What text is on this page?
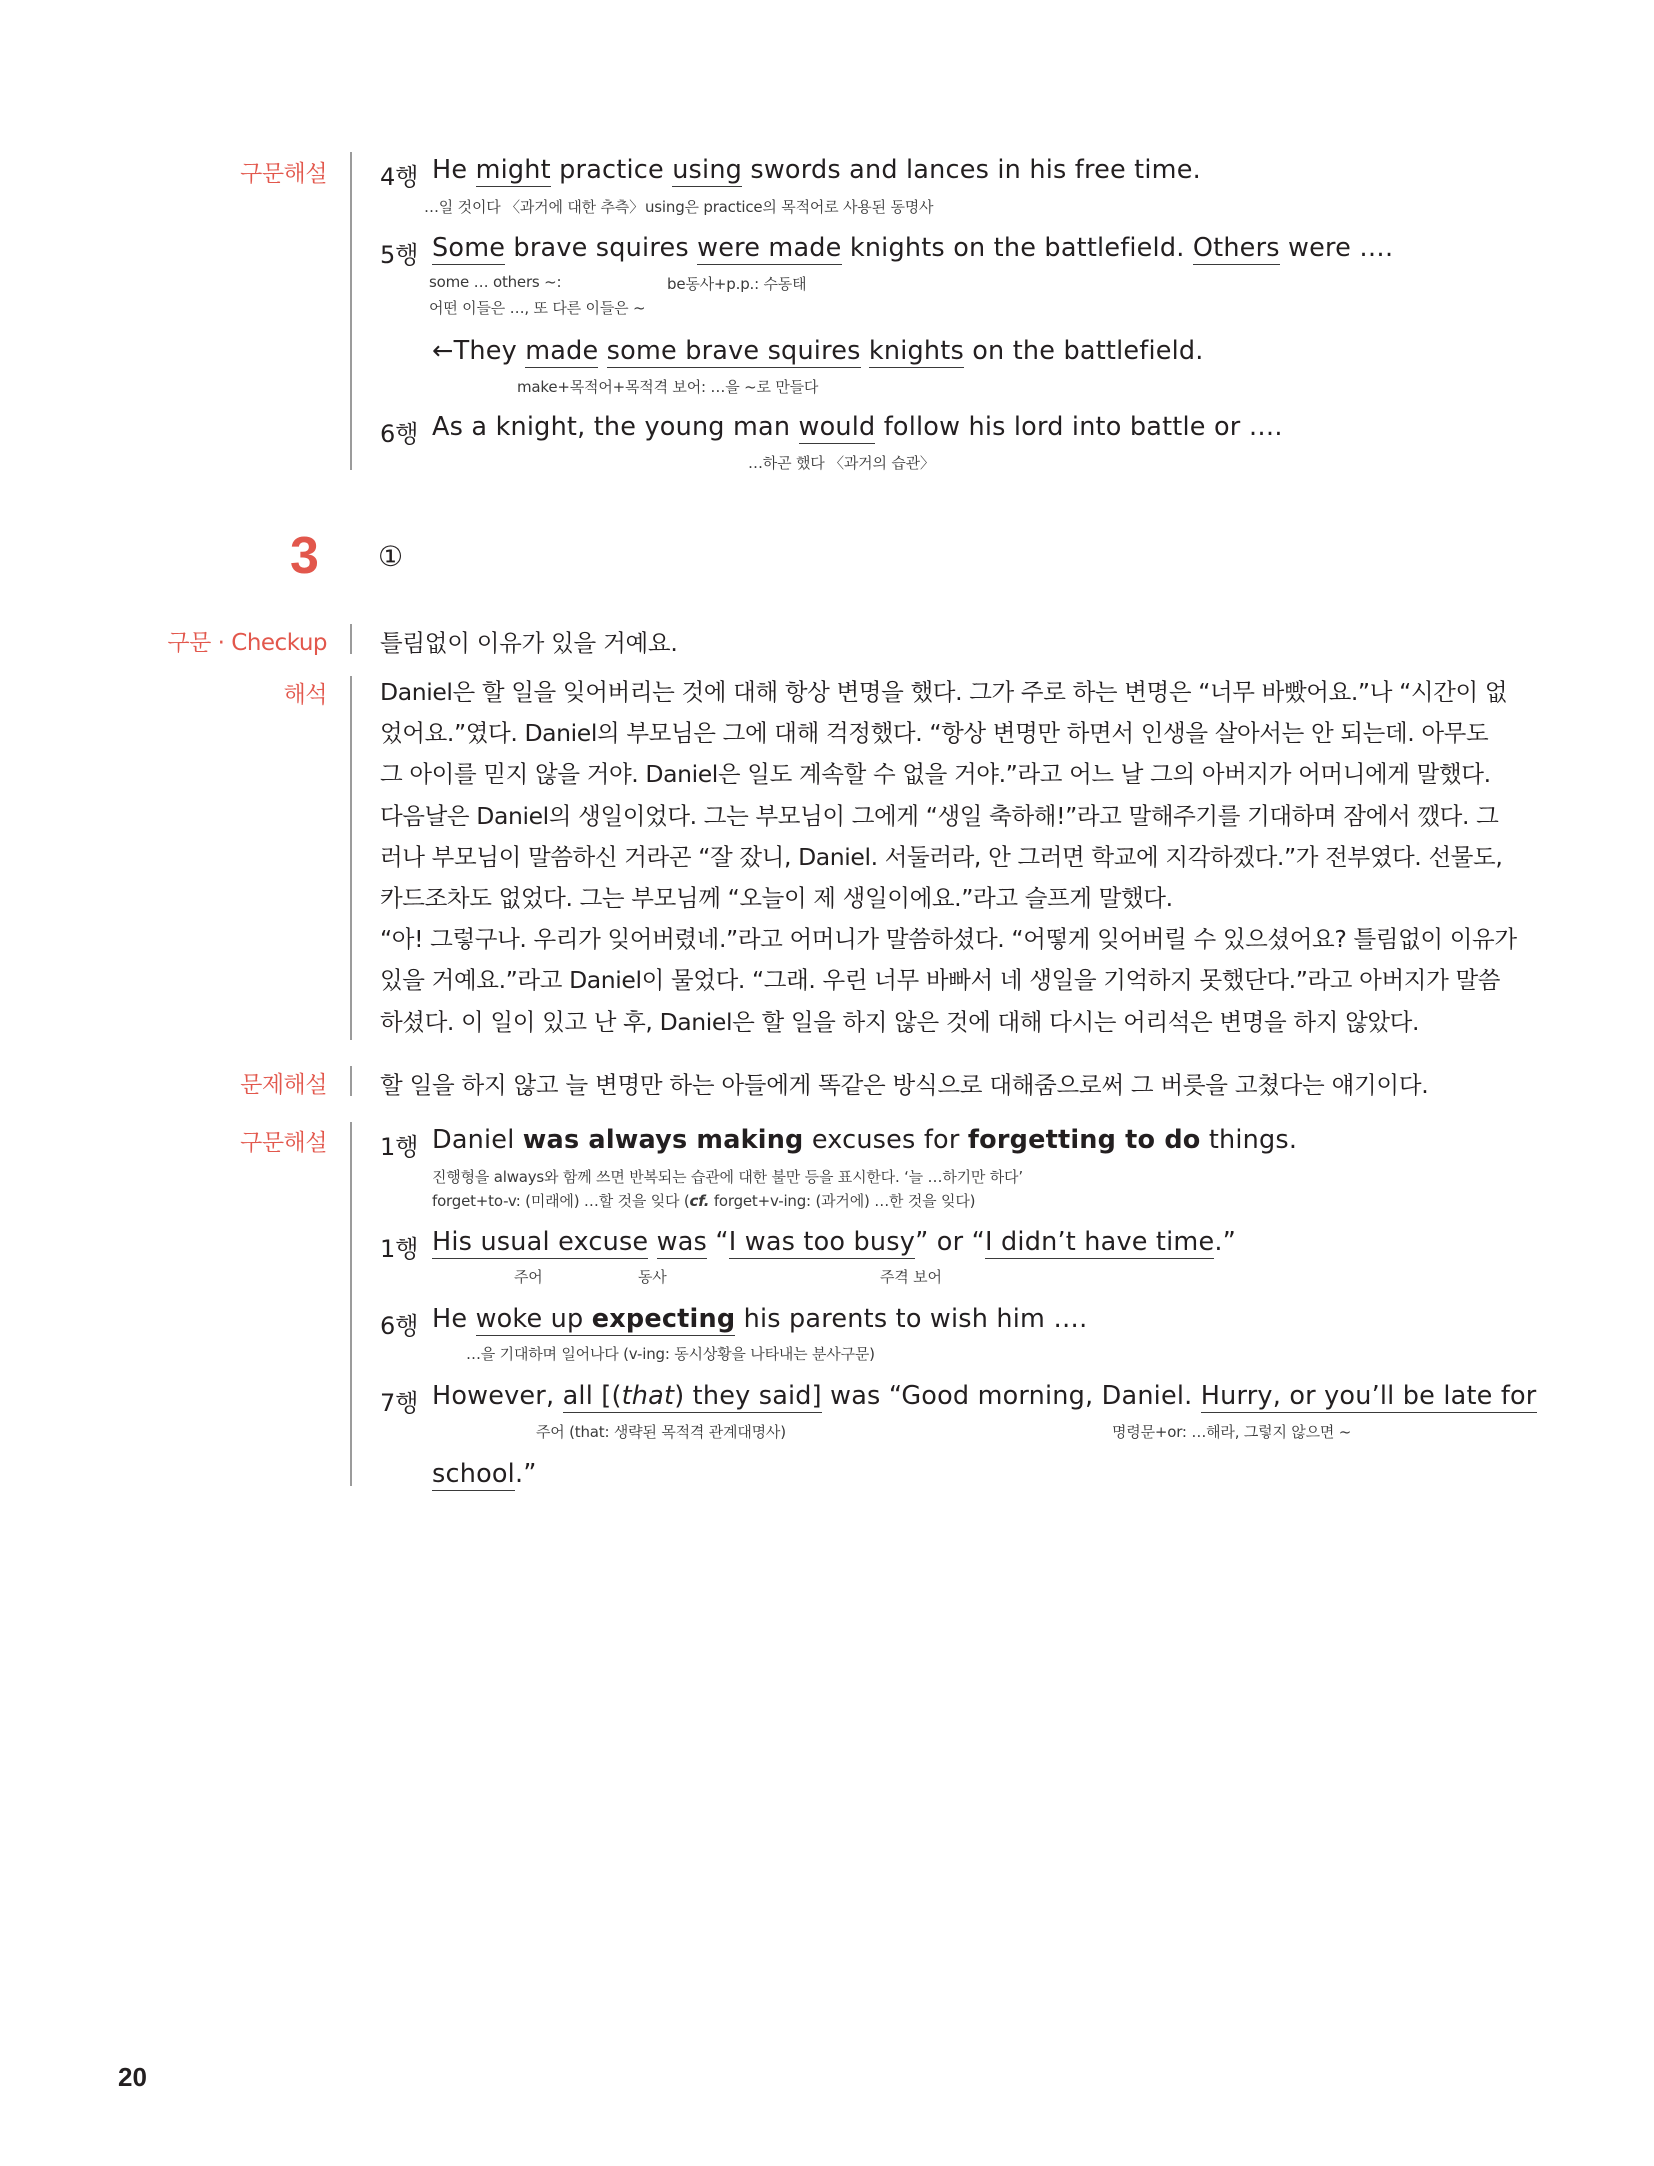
구문해설 4행 He might practice using swords and lances in his free time.
…일 것이다 〈과거에 대한 추측〉 using은 practice의 목적어로 사용된 동명사
5행 Some brave squires were made knights on the battlefield. Others were ….
some … others ~:	be동사+p.p.: 수동태
어떤 이들은 …, 또 다른 이들은 ~
←They made some brave squires knights on the battlefield.
make+목적어+목적격 보어: …을 ~로 만들다
6행 As a knight, the young man would follow his lord into battle or ….
…하곤 했다 〈과거의 습관〉
3 ①
구문 · Checkup 틀림없이 이유가 있을 거예요.
해석 Daniel은 할 일을 잊어버리는 것에 대해 항상 변명을 했다. 그가 주로 하는 변명은 “너무 바빴어요.”나 “시간이 없
었어요.”였다. Daniel의 부모님은 그에 대해 걱정했다. “항상 변명만 하면서 인생을 살아서는 안 되는데. 아무도
그 아이를 믿지 않을 거야. Daniel은 일도 계속할 수 없을 거야.”라고 어느 날 그의 아버지가 어머니에게 말했다.
다음날은 Daniel의 생일이었다. 그는 부모님이 그에게 “생일 축하해!”라고 말해주기를 기대하며 잠에서 깼다. 그
러나 부모님이 말씀하신 거라곤 “잘 잤니, Daniel. 서둘러라, 안 그러면 학교에 지각하겠다.”가 전부였다. 선물도,
카드조차도 없었다. 그는 부모님께 “오늘이 제 생일이에요.”라고 슬프게 말했다.
“아! 그렇구나. 우리가 잊어버렸네.”라고 어머니가 말씀하셨다. “어떻게 잊어버릴 수 있으셨어요? 틀림없이 이유가
있을 거예요.”라고 Daniel이 물었다. “그래. 우린 너무 바빠서 네 생일을 기억하지 못했단다.”라고 아버지가 말씀
하셨다. 이 일이 있고 난 후, Daniel은 할 일을 하지 않은 것에 대해 다시는 어리석은 변명을 하지 않았다.
문제해설 할 일을 하지 않고 늘 변명만 하는 아들에게 똑같은 방식으로 대해줌으로써 그 버릇을 고쳤다는 얘기이다.
구문해설 1행 Daniel was always making excuses for forgetting to do things.
진행형을 always와 함께 쓰면 반복되는 습관에 대한 불만 등을 표시한다. ‘늘 …하기만 하다’
forget+to-v: (미래에) …할 것을 잊다 (cf. forget+v-ing: (과거에) …한 것을 잊다)
1행 His usual excuse was “I was too busy” or “I didn’t have time.”
주어	동사	주격 보어
6행 He woke up expecting his parents to wish him ….
…을 기대하며 일어나다 (v-ing: 동시상황을 나타내는 분사구문)
7행 However, all [(that) they said] was “Good morning, Daniel. Hurry, or you’ll be late for
주어 (that: 생략된 목적격 관계대명사)	명령문+or: …해라, 그렇지 않으면 ~
school.”
20
